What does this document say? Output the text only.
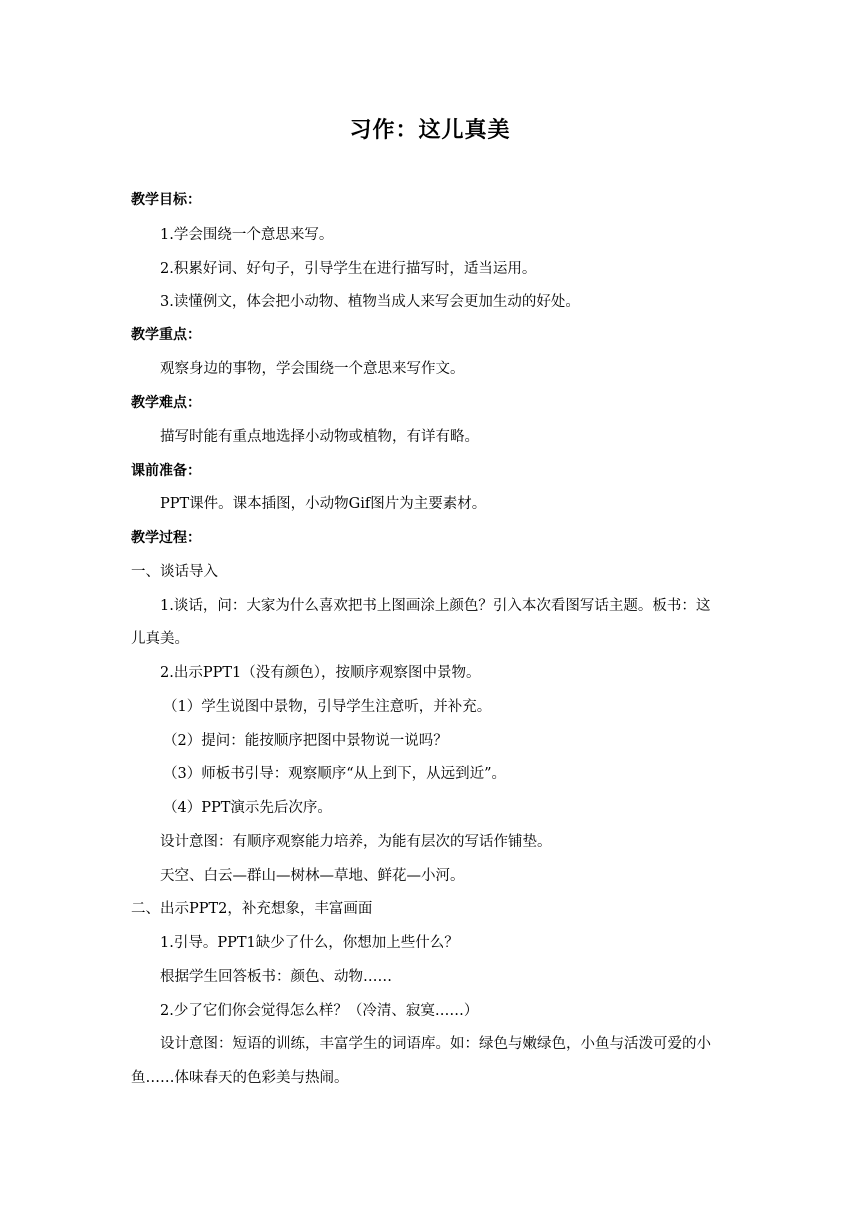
习作：这儿真美
教学目标：
1.学会围绕一个意思来写。
2.积累好词、好句子，引导学生在进行描写时，适当运用。
3.读懂例文，体会把小动物、植物当成人来写会更加生动的好处。
教学重点：
观察身边的事物，学会围绕一个意思来写作文。
教学难点：
描写时能有重点地选择小动物或植物，有详有略。
课前准备：
PPT课件。课本插图，小动物Gif图片为主要素材。
教学过程：
一、谈话导入
1.谈话，问：大家为什么喜欢把书上图画涂上颜色？引入本次看图写话主题。板书：这
儿真美。
2.出示PPT1（没有颜色），按顺序观察图中景物。
（1）学生说图中景物，引导学生注意听，并补充。
（2）提问：能按顺序把图中景物说一说吗？
（3）师板书引导：观察顺序“从上到下，从远到近”。
（4）PPT演示先后次序。
设计意图：有顺序观察能力培养，为能有层次的写话作铺垫。
天空、白云—群山—树林—草地、鲜花—小河。
二、出示PPT2，补充想象，丰富画面
1.引导。PPT1缺少了什么，你想加上些什么？
根据学生回答板书：颜色、动物……
2.少了它们你会觉得怎么样？（冷清、寂寞……）
设计意图：短语的训练，丰富学生的词语库。如：绿色与嫩绿色，小鱼与活泼可爱的小
鱼……体味春天的色彩美与热闹。
